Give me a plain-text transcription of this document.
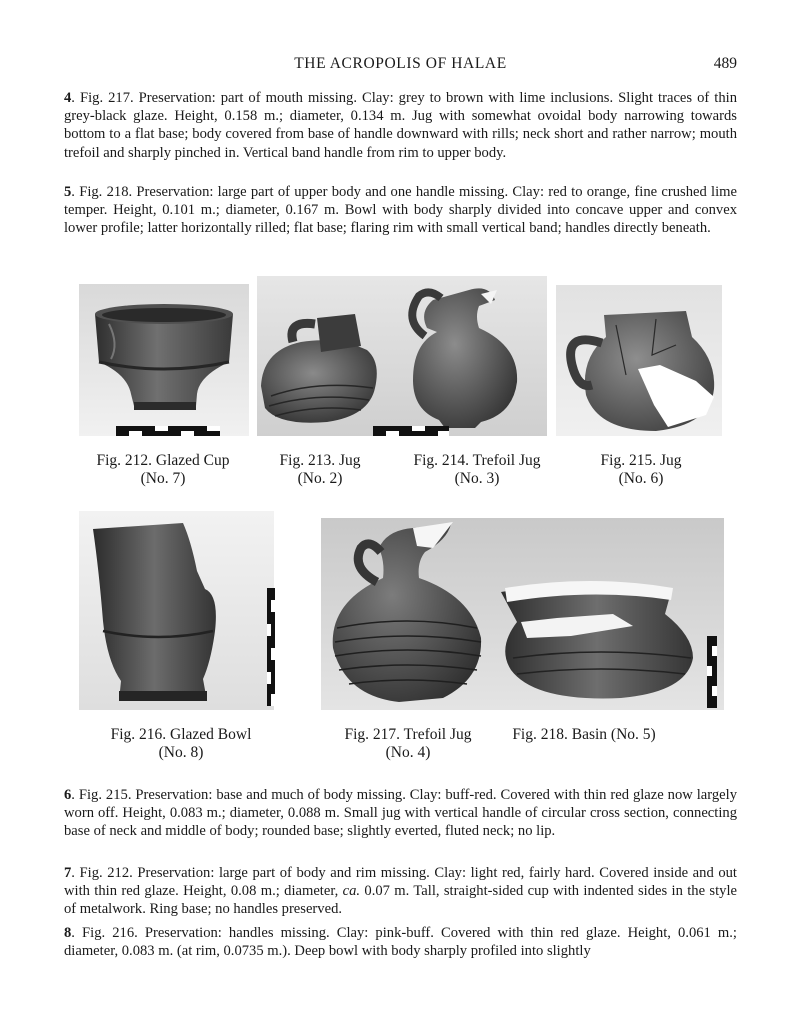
THE ACROPOLIS OF HALAE	489

4. Fig. 217. Preservation: part of mouth missing. Clay: grey to brown with lime inclusions. Slight traces of thin grey-black glaze. Height, 0.158 m.; diameter, 0.134 m. Jug with somewhat ovoidal body narrowing towards bottom to a flat base; body covered from base of handle downward with rills; neck short and rather narrow; mouth trefoil and sharply pinched in. Vertical band handle from rim to upper body.

5. Fig. 218. Preservation: large part of upper body and one handle missing. Clay: red to orange, fine crushed lime temper. Height, 0.101 m.; diameter, 0.167 m. Bowl with body sharply divided into concave upper and convex lower profile; latter horizontally rilled; flat base; flaring rim with small vertical band; handles directly beneath.

Fig. 212. Glazed Cup
(No. 7)
Fig. 213. Jug
(No. 2)
Fig. 214. Trefoil Jug
(No. 3)
Fig. 215. Jug
(No. 6)
Fig. 216. Glazed Bowl
(No. 8)
Fig. 217. Trefoil Jug
(No. 4)
Fig. 218. Basin (No. 5)

6. Fig. 215. Preservation: base and much of body missing. Clay: buff-red. Covered with thin red glaze now largely worn off. Height, 0.083 m.; diameter, 0.088 m. Small jug with vertical handle of circular cross section, connecting base of neck and middle of body; rounded base; slightly everted, fluted neck; no lip.

7. Fig. 212. Preservation: large part of body and rim missing. Clay: light red, fairly hard. Covered inside and out with thin red glaze. Height, 0.08 m.; diameter, ca. 0.07 m. Tall, straight-sided cup with indented sides in the style of metalwork. Ring base; no handles preserved.

8. Fig. 216. Preservation: handles missing. Clay: pink-buff. Covered with thin red glaze. Height, 0.061 m.; diameter, 0.083 m. (at rim, 0.0735 m.). Deep bowl with body sharply profiled into slightly
